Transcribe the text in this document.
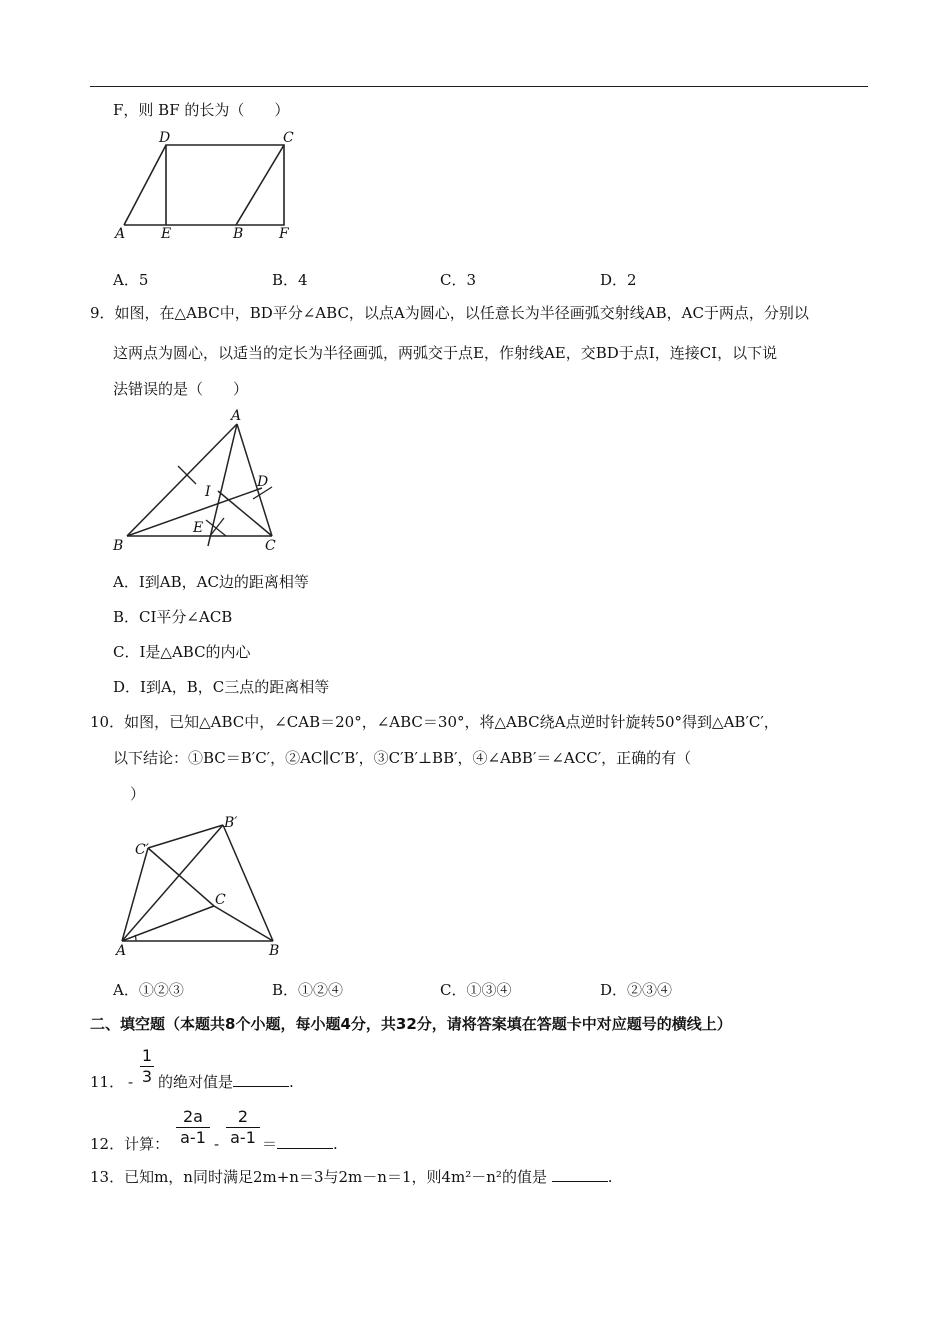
F，则 BF 的长为（　　）
D	C
A	E	B	F
A．5	B．4	C．3	D．2
9．如图，在△ABC中，BD平分∠ABC，以点A为圆心，以任意长为半径画弧交射线AB，AC于两点，分别以
这两点为圆心，以适当的定长为半径画弧，两弧交于点E，作射线AE，交BD于点I，连接CI，以下说
法错误的是（　　）
A
B	C
D
E
I
A．I到AB，AC边的距离相等
B．CI平分∠ACB
C．I是△ABC的内心
D．I到A，B，C三点的距离相等
10．如图，已知△ABC中，∠CAB＝20°，∠ABC＝30°，将△ABC绕A点逆时针旋转50°得到△AB′C′，
以下结论：①BC＝B′C′，②AC∥C′B′，③C′B′⊥BB′，④∠ABB′＝∠ACC′，正确的有（
）
A	B
C
B′
C′
A．①②③	B．①②④	C．①③④	D．②③④
二、填空题（本题共8个小题，每小题4分，共32分，请将答案填在答题卡中对应题号的横线上）
11． -
1
3 的绝对值是	.
12．计算：
2a
a-1 -
2
a-1 ＝	.
13．已知m，n同时满足2m+n＝3与2m－n＝1，则4m²－n²的值是	.
